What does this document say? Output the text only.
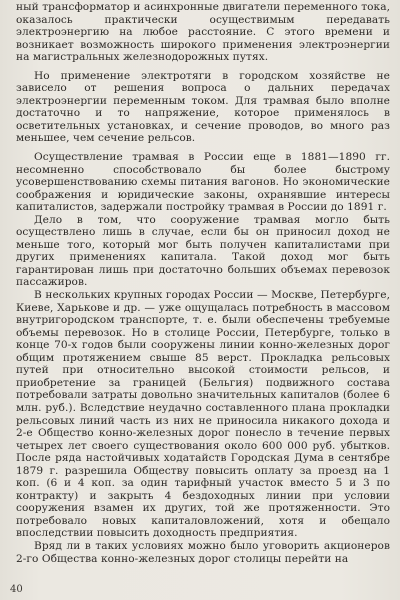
ный трансформатор и асинхронные двигатели переменного тока, оказалось практически осуществимым передавать электроэнергию на любое расстояние. С этого времени и возникает возможность широкого применения электроэнергии на магистральных железнодорожных путях.

Но применение электротяги в городском хозяйстве не зависело от решения вопроса о дальних передачах электроэнергии переменным током. Для трамвая было вполне достаточно и то напряжение, которое применялось в осветительных установках, и сечение проводов, во много раз меньшее, чем сечение рельсов.

Осуществление трамвая в России еще в 1881—1890 гг. несомненно способствовало бы более быстрому усовершенствованию схемы питания вагонов. Но экономические соображения и юридические законы, охранявшие интересы капиталистов, задержали постройку трамвая в России до 1891 г.

Дело в том, что сооружение трамвая могло быть осуществлено лишь в случае, если бы он приносил доход не меньше того, который мог быть получен капиталистами при других применениях капитала. Такой доход мог быть гарантирован лишь при достаточно больших объемах перевозок пассажиров.

В нескольких крупных городах России — Москве, Петербурге, Киеве, Харькове и др. — уже ощущалась потребность в массовом внутригородском транспорте, т. е. были обеспечены требуемые объемы перевозок. Но в столице России, Петербурге, только в конце 70-х годов были сооружены линии конно-железных дорог общим протяжением свыше 85 верст. Прокладка рельсовых путей при относительно высокой стоимости рельсов, и приобретение за границей (Бельгия) подвижного состава потребовали затраты довольно значительных капиталов (более 6 млн. руб.). Вследствие неудачно составленного плана прокладки рельсовых линий часть из них не приносила никакого дохода и 2-е Общество конно-железных дорог понесло в течение первых четырех лет своего существования около 600 000 руб. убытков. После ряда настойчивых ходатайств Городская Дума в сентябре 1879 г. разрешила Обществу повысить оплату за проезд на 1 коп. (6 и 4 коп. за один тарифный участок вместо 5 и 3 по контракту) и закрыть 4 бездоходных линии при условии сооружения взамен их других, той же протяженности. Это потребовало новых капиталовложений, хотя и обещало впоследствии повысить доходность предприятия.

Вряд ли в таких условиях можно было уговорить акционеров 2-го Общества конно-железных дорог столицы перейти на

40
